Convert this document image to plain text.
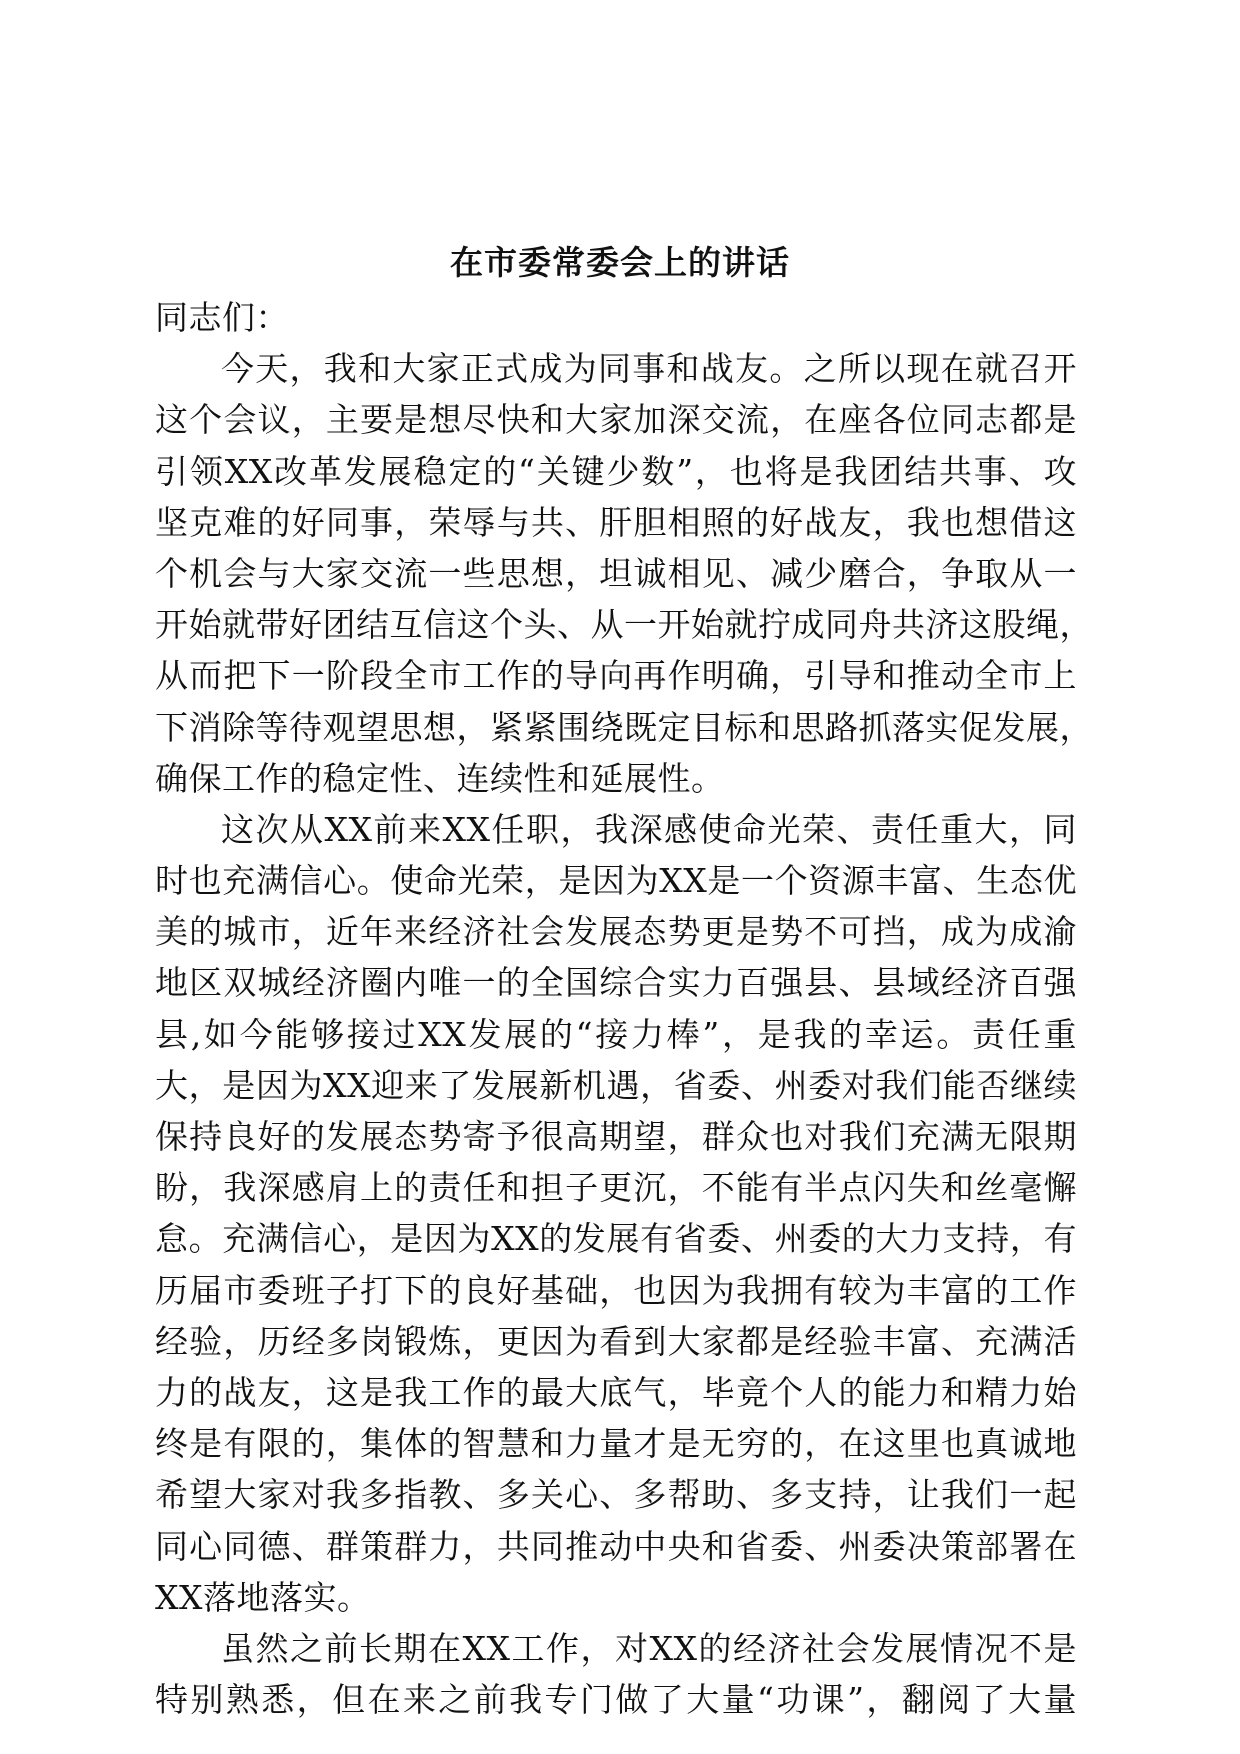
在市委常委会上的讲话
同志们：
今天，我和大家正式成为同事和战友。之所以现在就召开
这个会议，主要是想尽快和大家加深交流，在座各位同志都是
引领XX改革发展稳定的“关键少数”，也将是我团结共事、攻
坚克难的好同事，荣辱与共、肝胆相照的好战友，我也想借这
个机会与大家交流一些思想，坦诚相见、减少磨合，争取从一
开始就带好团结互信这个头、从一开始就拧成同舟共济这股绳，
从而把下一阶段全市工作的导向再作明确，引导和推动全市上
下消除等待观望思想，紧紧围绕既定目标和思路抓落实促发展，
确保工作的稳定性、连续性和延展性。
这次从XX前来XX任职，我深感使命光荣、责任重大，同
时也充满信心。使命光荣，是因为XX是一个资源丰富、生态优
美的城市，近年来经济社会发展态势更是势不可挡，成为成渝
地区双城经济圈内唯一的全国综合实力百强县、县域经济百强
县,如今能够接过XX发展的“接力棒”，是我的幸运。责任重
大，是因为XX迎来了发展新机遇，省委、州委对我们能否继续
保持良好的发展态势寄予很高期望，群众也对我们充满无限期
盼，我深感肩上的责任和担子更沉，不能有半点闪失和丝毫懈
怠。充满信心，是因为XX的发展有省委、州委的大力支持，有
历届市委班子打下的良好基础，也因为我拥有较为丰富的工作
经验，历经多岗锻炼，更因为看到大家都是经验丰富、充满活
力的战友，这是我工作的最大底气，毕竟个人的能力和精力始
终是有限的，集体的智慧和力量才是无穷的，在这里也真诚地
希望大家对我多指教、多关心、多帮助、多支持，让我们一起
同心同德、群策群力，共同推动中央和省委、州委决策部署在
XX落地落实。
虽然之前长期在XX工作，对XX的经济社会发展情况不是
特别熟悉，但在来之前我专门做了大量“功课”，翻阅了大量
